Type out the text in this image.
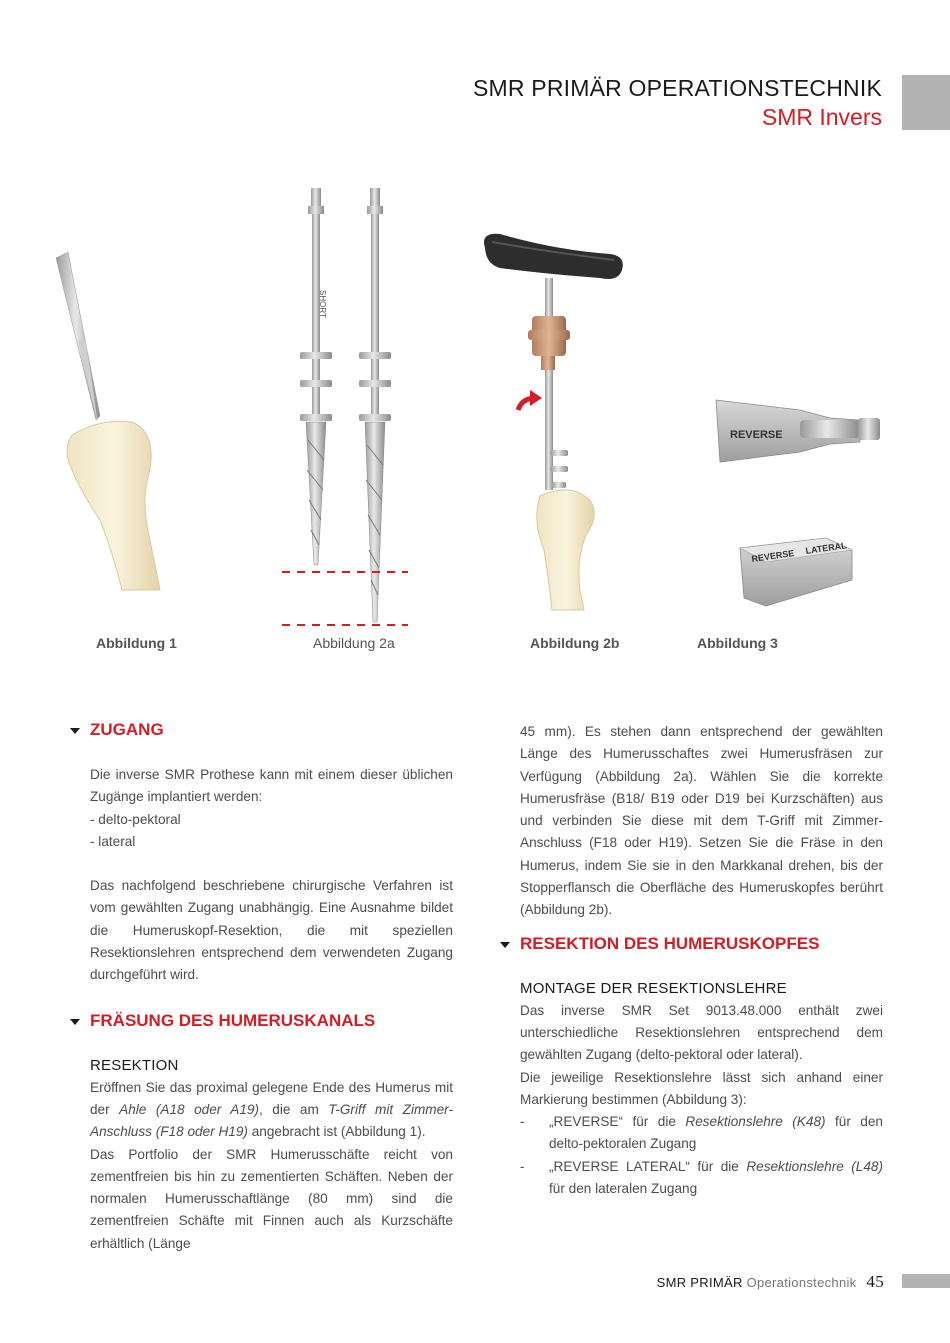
SMR PRIMÄR OPERATIONSTECHNIK
SMR Invers
SHORT
REVERSE
REVERSE LATERAL
Abbildung 1	Abbildung 2a	Abbildung 2b	Abbildung 3
ZUGANG

Die inverse SMR Prothese kann mit einem dieser üblichen Zugänge implantiert werden:

- delto-pektoral

- lateral

Das nachfolgend beschriebene chirurgische Verfahren ist vom gewählten Zugang unabhängig. Eine Ausnahme bildet die Humeruskopf-Resektion, die mit speziellen Resektionslehren entsprechend dem verwendeten Zugang durchgeführt wird.

FRÄSUNG DES HUMERUSKANALS
RESEKTION

Eröffnen Sie das proximal gelegene Ende des Humerus mit der Ahle (A18 oder A19), die am T-Griff mit Zimmer-Anschluss (F18 oder H19) angebracht ist (Abbildung 1).

Das Portfolio der SMR Humerusschäfte reicht von zementfreien bis hin zu zementierten Schäften. Neben der normalen Humerusschaftlänge (80 mm) sind die zementfreien Schäfte mit Finnen auch als Kurzschäfte erhältlich (Länge

45 mm). Es stehen dann entsprechend der gewählten Länge des Humerusschaftes zwei Humerusfräsen zur Verfügung (Abbildung 2a). Wählen Sie die korrekte Humerusfräse (B18/ B19 oder D19 bei Kurzschäften) aus und verbinden Sie diese mit dem T-Griff mit Zimmer-Anschluss (F18 oder H19). Setzen Sie die Fräse in den Humerus, indem Sie sie in den Markkanal drehen, bis der Stopperflansch die Oberfläche des Humeruskopfes berührt (Abbildung 2b).

RESEKTION DES HUMERUSKOPFES
MONTAGE DER RESEKTIONSLEHRE

Das inverse SMR Set 9013.48.000 enthält zwei unterschiedliche Resektionslehren entsprechend dem gewählten Zugang (delto-pektoral oder lateral).

Die jeweilige Resektionslehre lässt sich anhand einer Markierung bestimmen (Abbildung 3):

- „REVERSE“ für die Resektionslehre (K48) für den delto-pektoralen Zugang
- „REVERSE LATERAL“ für die Resektionslehre (L48) für den lateralen Zugang
SMR PRIMÄR Operationstechnik 45
